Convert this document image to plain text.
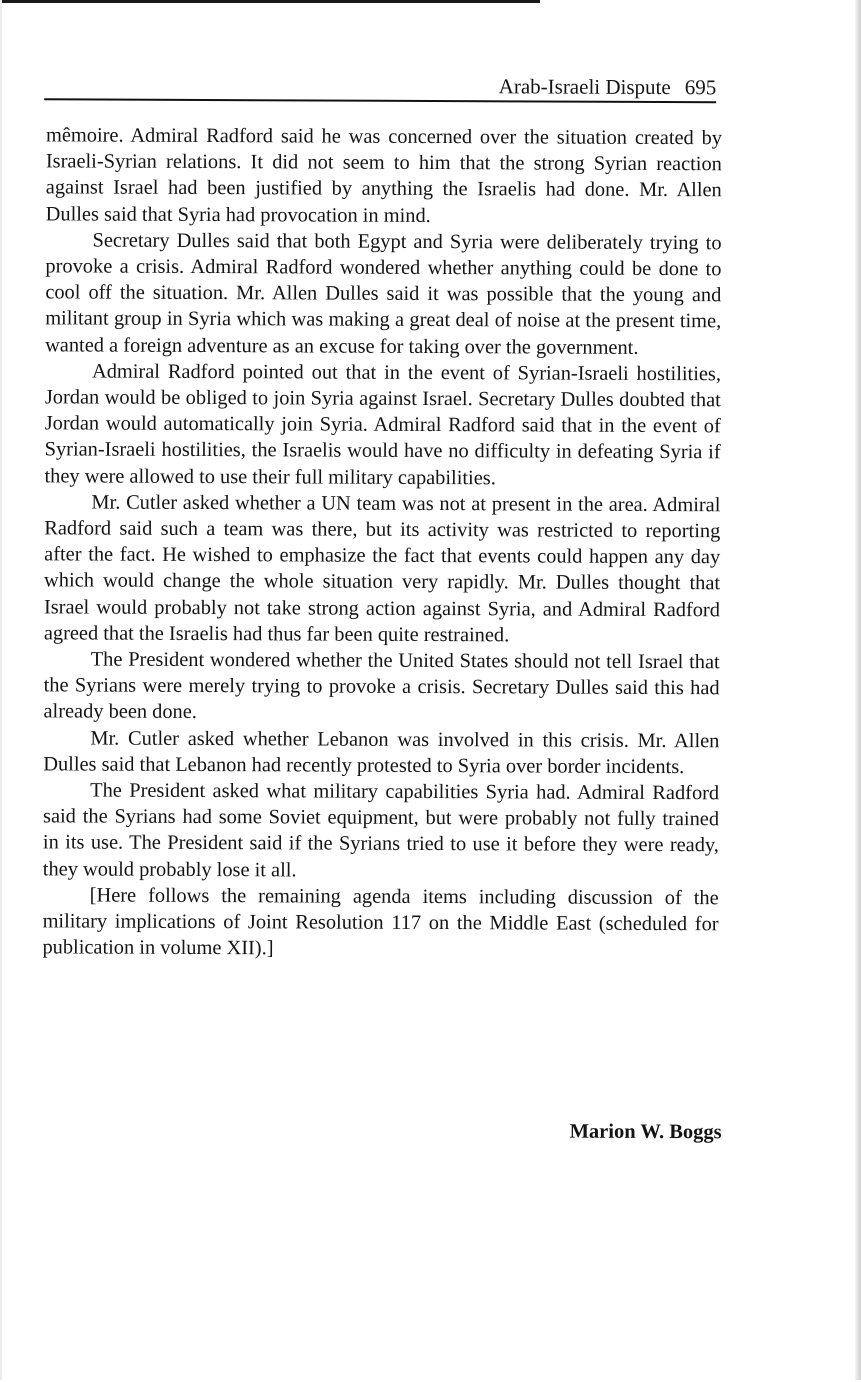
Arab-Israeli Dispute 695

mêmoire. Admiral Radford said he was concerned over the situation created by Israeli-Syrian relations. It did not seem to him that the strong Syrian reaction against Israel had been justified by anything the Israelis had done. Mr. Allen Dulles said that Syria had provocation in mind.

Secretary Dulles said that both Egypt and Syria were deliberately trying to provoke a crisis. Admiral Radford wondered whether anything could be done to cool off the situation. Mr. Allen Dulles said it was possible that the young and militant group in Syria which was making a great deal of noise at the present time, wanted a foreign adventure as an excuse for taking over the government.

Admiral Radford pointed out that in the event of Syrian-Israeli hostilities, Jordan would be obliged to join Syria against Israel. Secretary Dulles doubted that Jordan would automatically join Syria. Admiral Radford said that in the event of Syrian-Israeli hostilities, the Israelis would have no difficulty in defeating Syria if they were allowed to use their full military capabilities.

Mr. Cutler asked whether a UN team was not at present in the area. Admiral Radford said such a team was there, but its activity was restricted to reporting after the fact. He wished to emphasize the fact that events could happen any day which would change the whole situation very rapidly. Mr. Dulles thought that Israel would probably not take strong action against Syria, and Admiral Radford agreed that the Israelis had thus far been quite restrained.

The President wondered whether the United States should not tell Israel that the Syrians were merely trying to provoke a crisis. Secretary Dulles said this had already been done.

Mr. Cutler asked whether Lebanon was involved in this crisis. Mr. Allen Dulles said that Lebanon had recently protested to Syria over border incidents.

The President asked what military capabilities Syria had. Admiral Radford said the Syrians had some Soviet equipment, but were probably not fully trained in its use. The President said if the Syrians tried to use it before they were ready, they would probably lose it all.

[Here follows the remaining agenda items including discussion of the military implications of Joint Resolution 117 on the Middle East (scheduled for publication in volume XII).]

Marion W. Boggs
